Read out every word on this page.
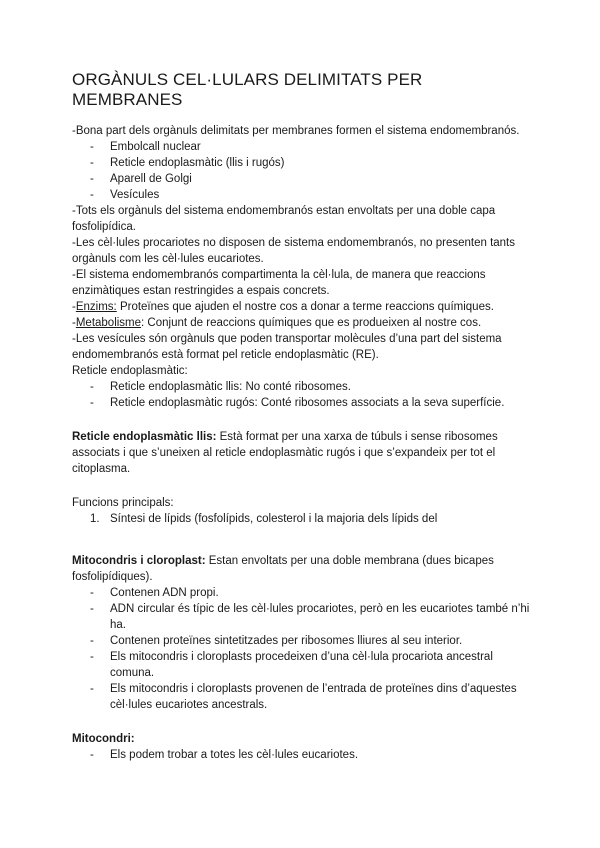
ORGÀNULS CEL·LULARS DELIMITATS PER MEMBRANES

-Bona part dels orgànuls delimitats per membranes formen el sistema endomembranós.

- Embolcall nuclear
- Reticle endoplasmàtic (llis i rugós)
- Aparell de Golgi
- Vesícules

-Tots els orgànuls del sistema endomembranós estan envoltats per una doble capa fosfolipídica.

-Les cèl·lules procariotes no disposen de sistema endomembranós, no presenten tants orgànuls com les cèl·lules eucariotes.

-El sistema endomembranós compartimenta la cèl·lula, de manera que reaccions enzimàtiques estan restringides a espais concrets.

-Enzims: Proteïnes que ajuden el nostre cos a donar a terme reaccions químiques.

-Metabolisme: Conjunt de reaccions químiques que es produeixen al nostre cos.

-Les vesícules són orgànuls que poden transportar molècules d’una part del sistema endomembranós està format pel reticle endoplasmàtic (RE).

Reticle endoplasmàtic:

- Reticle endoplasmàtic llis: No conté ribosomes.
- Reticle endoplasmàtic rugós: Conté ribosomes associats a la seva superfície.

Reticle endoplasmàtic llis: Està format per una xarxa de túbuls i sense ribosomes associats i que s’uneixen al reticle endoplasmàtic rugós i que s’expandeix per tot el citoplasma.

Funcions principals:

1. Síntesi de lípids (fosfolípids, colesterol i la majoria dels lípids del

Mitocondris i cloroplast: Estan envoltats per una doble membrana (dues bicapes fosfolipídiques).

- Contenen ADN propi.
- ADN circular és típic de les cèl·lules procariotes, però en les eucariotes també n’hi ha.
- Contenen proteïnes sintetitzades per ribosomes lliures al seu interior.
- Els mitocondris i cloroplasts procedeixen d’una cèl·lula procariota ancestral comuna.
- Els mitocondris i cloroplasts provenen de l’entrada de proteïnes dins d’aquestes cèl·lules eucariotes ancestrals.

Mitocondri:

- Els podem trobar a totes les cèl·lules eucariotes.
